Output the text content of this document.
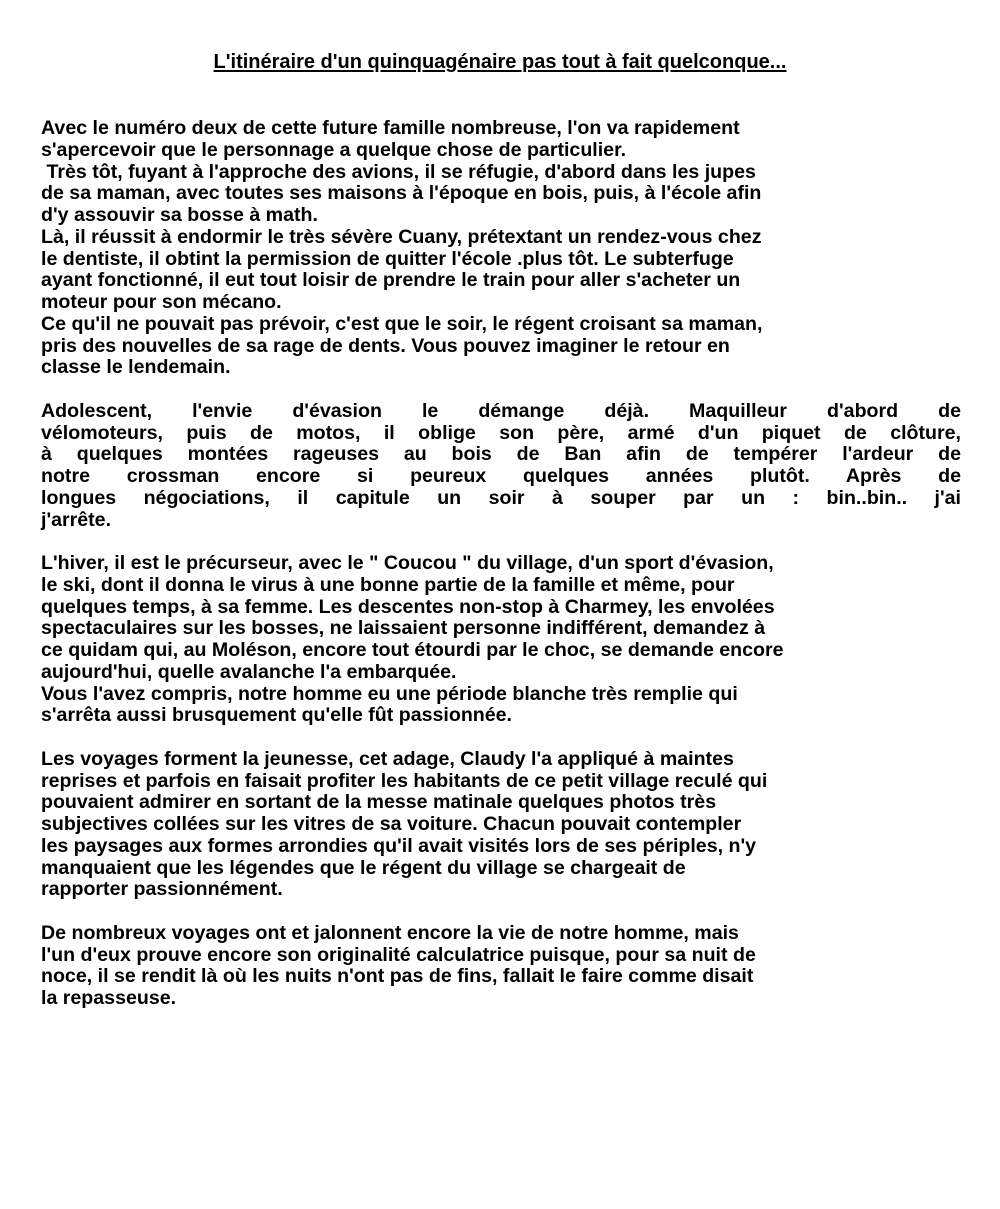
L'itinéraire d'un quinquagénaire pas tout à fait quelconque...
Avec le numéro deux de cette future famille nombreuse, l'on va rapidement
s'apercevoir que le personnage a quelque chose de particulier.
Très tôt, fuyant à l'approche des avions, il se réfugie, d'abord dans les jupes
de sa maman, avec toutes ses maisons à l'époque en bois, puis, à l'école afin
d'y assouvir sa bosse à math.
Là, il réussit à endormir le très sévère Cuany, prétextant un rendez-vous chez
le dentiste, il obtint la permission de quitter l'école .plus tôt. Le subterfuge
ayant fonctionné, il eut tout loisir de prendre le train pour aller s'acheter un
moteur pour son mécano.
Ce qu'il ne pouvait pas prévoir, c'est que le soir, le régent croisant sa maman,
pris des nouvelles de sa rage de dents. Vous pouvez imaginer le retour en
classe le lendemain.
Adolescent, l'envie d'évasion le démange déjà. Maquilleur d'abord de
vélomoteurs, puis de motos, il oblige son père, armé d'un piquet de clôture,
à quelques montées rageuses au bois de Ban afin de tempérer l'ardeur de
notre crossman encore si peureux quelques années plutôt. Après de
longues négociations, il capitule un soir à souper par un : bin..bin.. j'ai
j'arrête.
L'hiver, il est le précurseur, avec le " Coucou " du village, d'un sport d'évasion,
le ski, dont il donna le virus à une bonne partie de la famille et même, pour
quelques temps, à sa femme. Les descentes non-stop à Charmey, les envolées
spectaculaires sur les bosses, ne laissaient personne indifférent, demandez à
ce quidam qui, au Moléson, encore tout étourdi par le choc, se demande encore
aujourd'hui, quelle avalanche l'a embarquée.
Vous l'avez compris, notre homme eu une période blanche très remplie qui
s'arrêta aussi brusquement qu'elle fût passionnée.
Les voyages forment la jeunesse, cet adage, Claudy l'a appliqué à maintes
reprises et parfois en faisait profiter les habitants de ce petit village reculé qui
pouvaient admirer en sortant de la messe matinale quelques photos très
subjectives collées sur les vitres de sa voiture. Chacun pouvait contempler
les paysages aux formes arrondies qu'il avait visités lors de ses périples, n'y
manquaient que les légendes que le régent du village se chargeait de
rapporter passionnément.
De nombreux voyages ont et jalonnent encore la vie de notre homme, mais
l'un d'eux prouve encore son originalité calculatrice puisque, pour sa nuit de
noce, il se rendit là où les nuits n'ont pas de fins, fallait le faire comme disait
la repasseuse.
